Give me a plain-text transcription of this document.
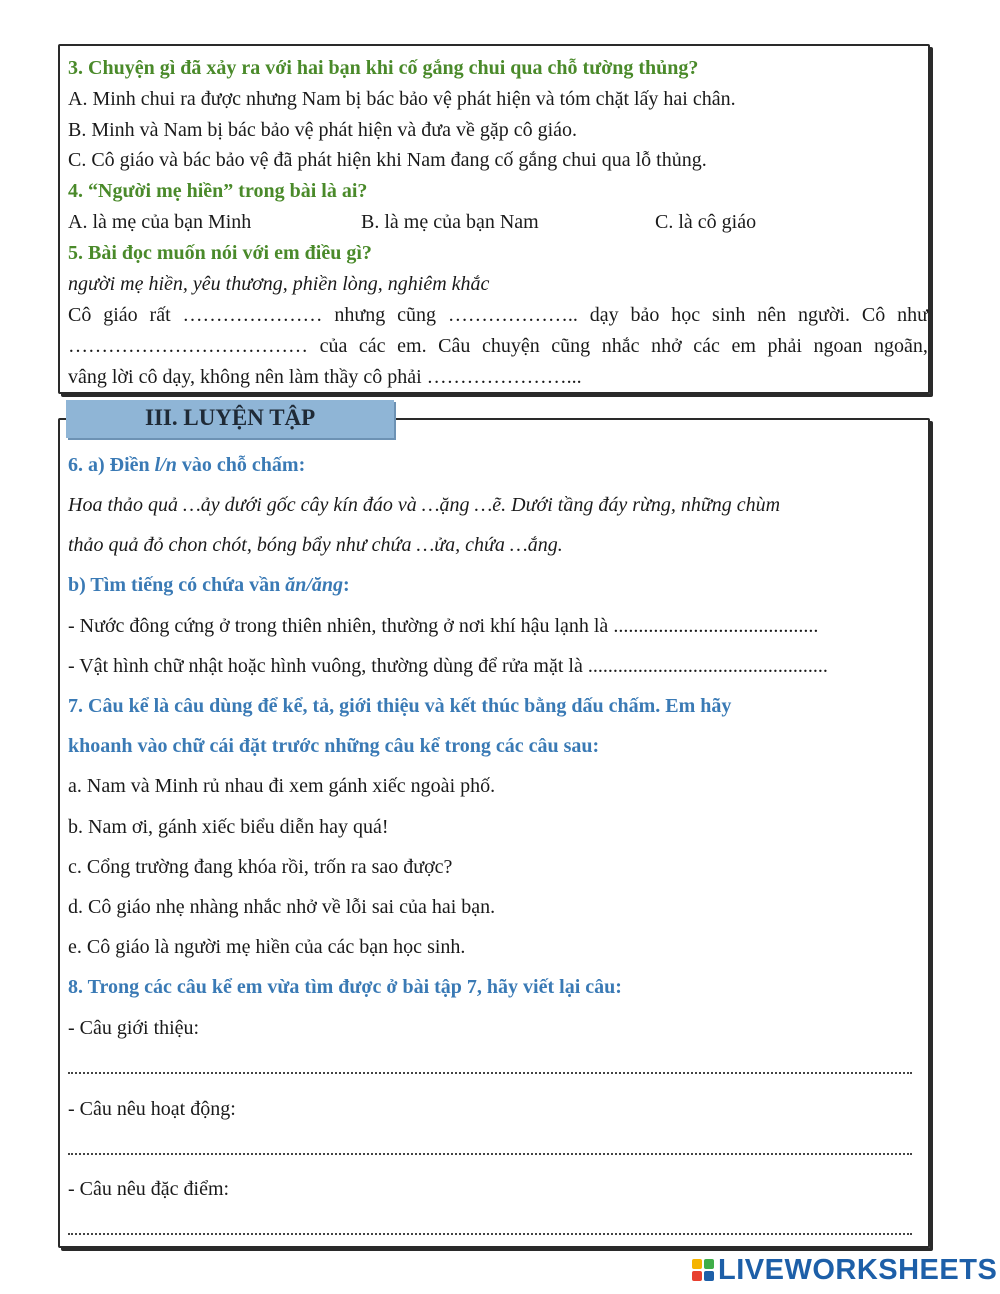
3. Chuyện gì đã xảy ra với hai bạn khi cố gắng chui qua chỗ tường thủng?
A. Minh chui ra được nhưng Nam bị bác bảo vệ phát hiện và tóm chặt lấy hai chân.
B. Minh và Nam bị bác bảo vệ phát hiện và đưa về gặp cô giáo.
C. Cô giáo và bác bảo vệ đã phát hiện khi Nam đang cố gắng chui qua lỗ thủng.
4. “Người mẹ hiền” trong bài là ai?
A. là mẹ của bạn Minh	B. là mẹ của bạn Nam	C. là cô giáo
5. Bài đọc muốn nói với em điều gì?
người mẹ hiền, yêu thương, phiền lòng, nghiêm khắc
Cô giáo rất ………………… nhưng cũng ……………….. dạy bảo học sinh nên người. Cô như
……………………………… của các em. Câu chuyện cũng nhắc nhở các em phải ngoan ngoãn,
vâng lời cô dạy, không nên làm thầy cô phải …………………...
III. LUYỆN TẬP
6. a) Điền l/n vào chỗ chấm:
Hoa thảo quả …ảy dưới gốc cây kín đáo và …ặng …ẽ. Dưới tầng đáy rừng, những chùm
thảo quả đỏ chon chót, bóng bẩy như chứa …ửa, chứa …ắng.
b) Tìm tiếng có chứa vần ăn/ăng:
- Nước đông cứng ở trong thiên nhiên, thường ở nơi khí hậu lạnh là .........................................
- Vật hình chữ nhật hoặc hình vuông, thường dùng để rửa mặt là ................................................
7. Câu kể là câu dùng để kể, tả, giới thiệu và kết thúc bằng dấu chấm. Em hãy
khoanh vào chữ cái đặt trước những câu kể trong các câu sau:
a. Nam và Minh rủ nhau đi xem gánh xiếc ngoài phố.
b. Nam ơi, gánh xiếc biểu diễn hay quá!
c. Cổng trường đang khóa rồi, trốn ra sao được?
d. Cô giáo nhẹ nhàng nhắc nhở về lỗi sai của hai bạn.
e. Cô giáo là người mẹ hiền của các bạn học sinh.
8. Trong các câu kể em vừa tìm được ở bài tập 7, hãy viết lại câu:
- Câu giới thiệu:
- Câu nêu hoạt động:
- Câu nêu đặc điểm:
LIVEWORKSHEETS
